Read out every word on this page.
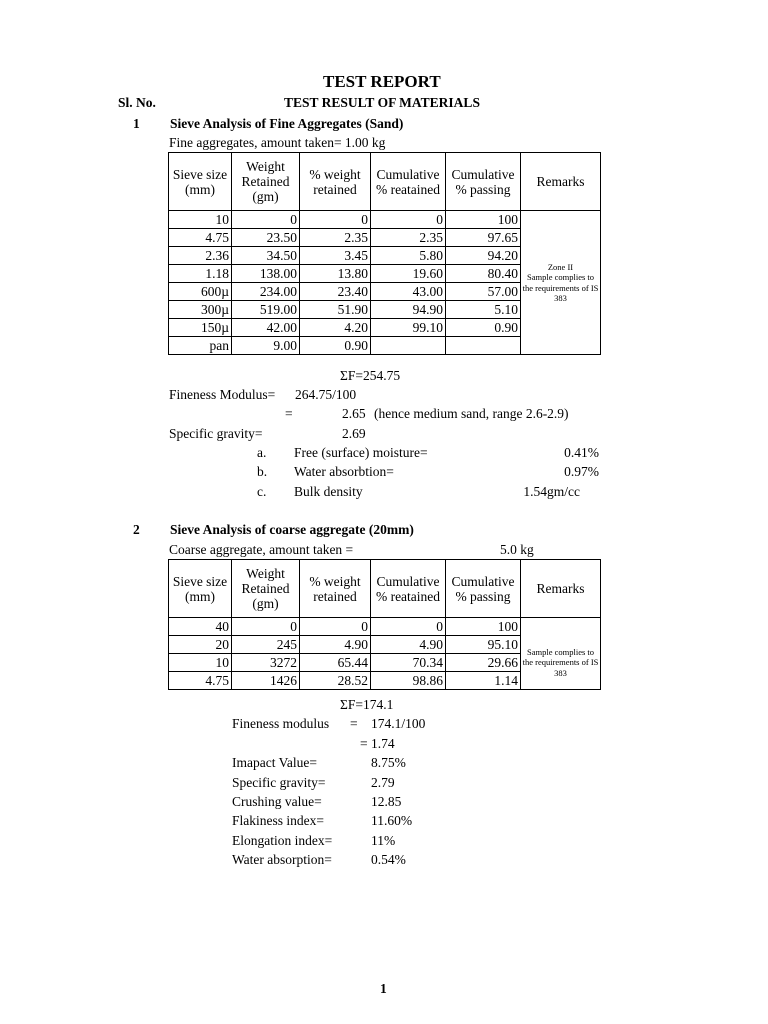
TEST REPORT
Sl. No.	TEST RESULT OF MATERIALS
1 Sieve Analysis of Fine Aggregates (Sand)
Fine aggregates, amount taken= 1.00 kg
Sieve size (mm)	Weight Retained (gm)	% weight retained	Cumulative % reatained	Cumulative % passing	Remarks
10	0	0	0	100	Zone II
Sample complies to the requirements of IS 383

4.75	23.50	2.35	2.35	97.65	
2.36	34.50	3.45	5.80	94.20	
1.18	138.00	13.80	19.60	80.40	
600µ	234.00	23.40	43.00	57.00	
300µ	519.00	51.90	94.90	5.10	
150µ	42.00	4.20	99.10	0.90	
pan	9.00	0.90			
ΣF=254.75
Fineness Modulus= 264.75/100
=	2.65 (hence medium sand, range 2.6-2.9)
Specific gravity=	2.69
a. Free (surface) moisture=	0.41%
b. Water absorbtion=	0.97%
c. Bulk density	1.54gm/cc
2 Sieve Analysis of coarse aggregate (20mm)
Coarse aggregate, amount taken =	5.0 kg
Sieve size (mm)	Weight Retained (gm)	% weight retained	Cumulative % reatained	Cumulative % passing	Remarks
40	0	0	0	100	
20	245	4.90	4.90	95.10	Sample complies to the requirements of IS 383

10	3272	65.44	70.34	29.66	
4.75	1426	28.52	98.86	1.14	
ΣF=174.1
Fineness modulus = 174.1/100
= 1.74
Imapact Value=	8.75%
Specific gravity=	2.79
Crushing value=	12.85
Flakiness index=	11.60%
Elongation index=	11%
Water absorption=	0.54%
1
